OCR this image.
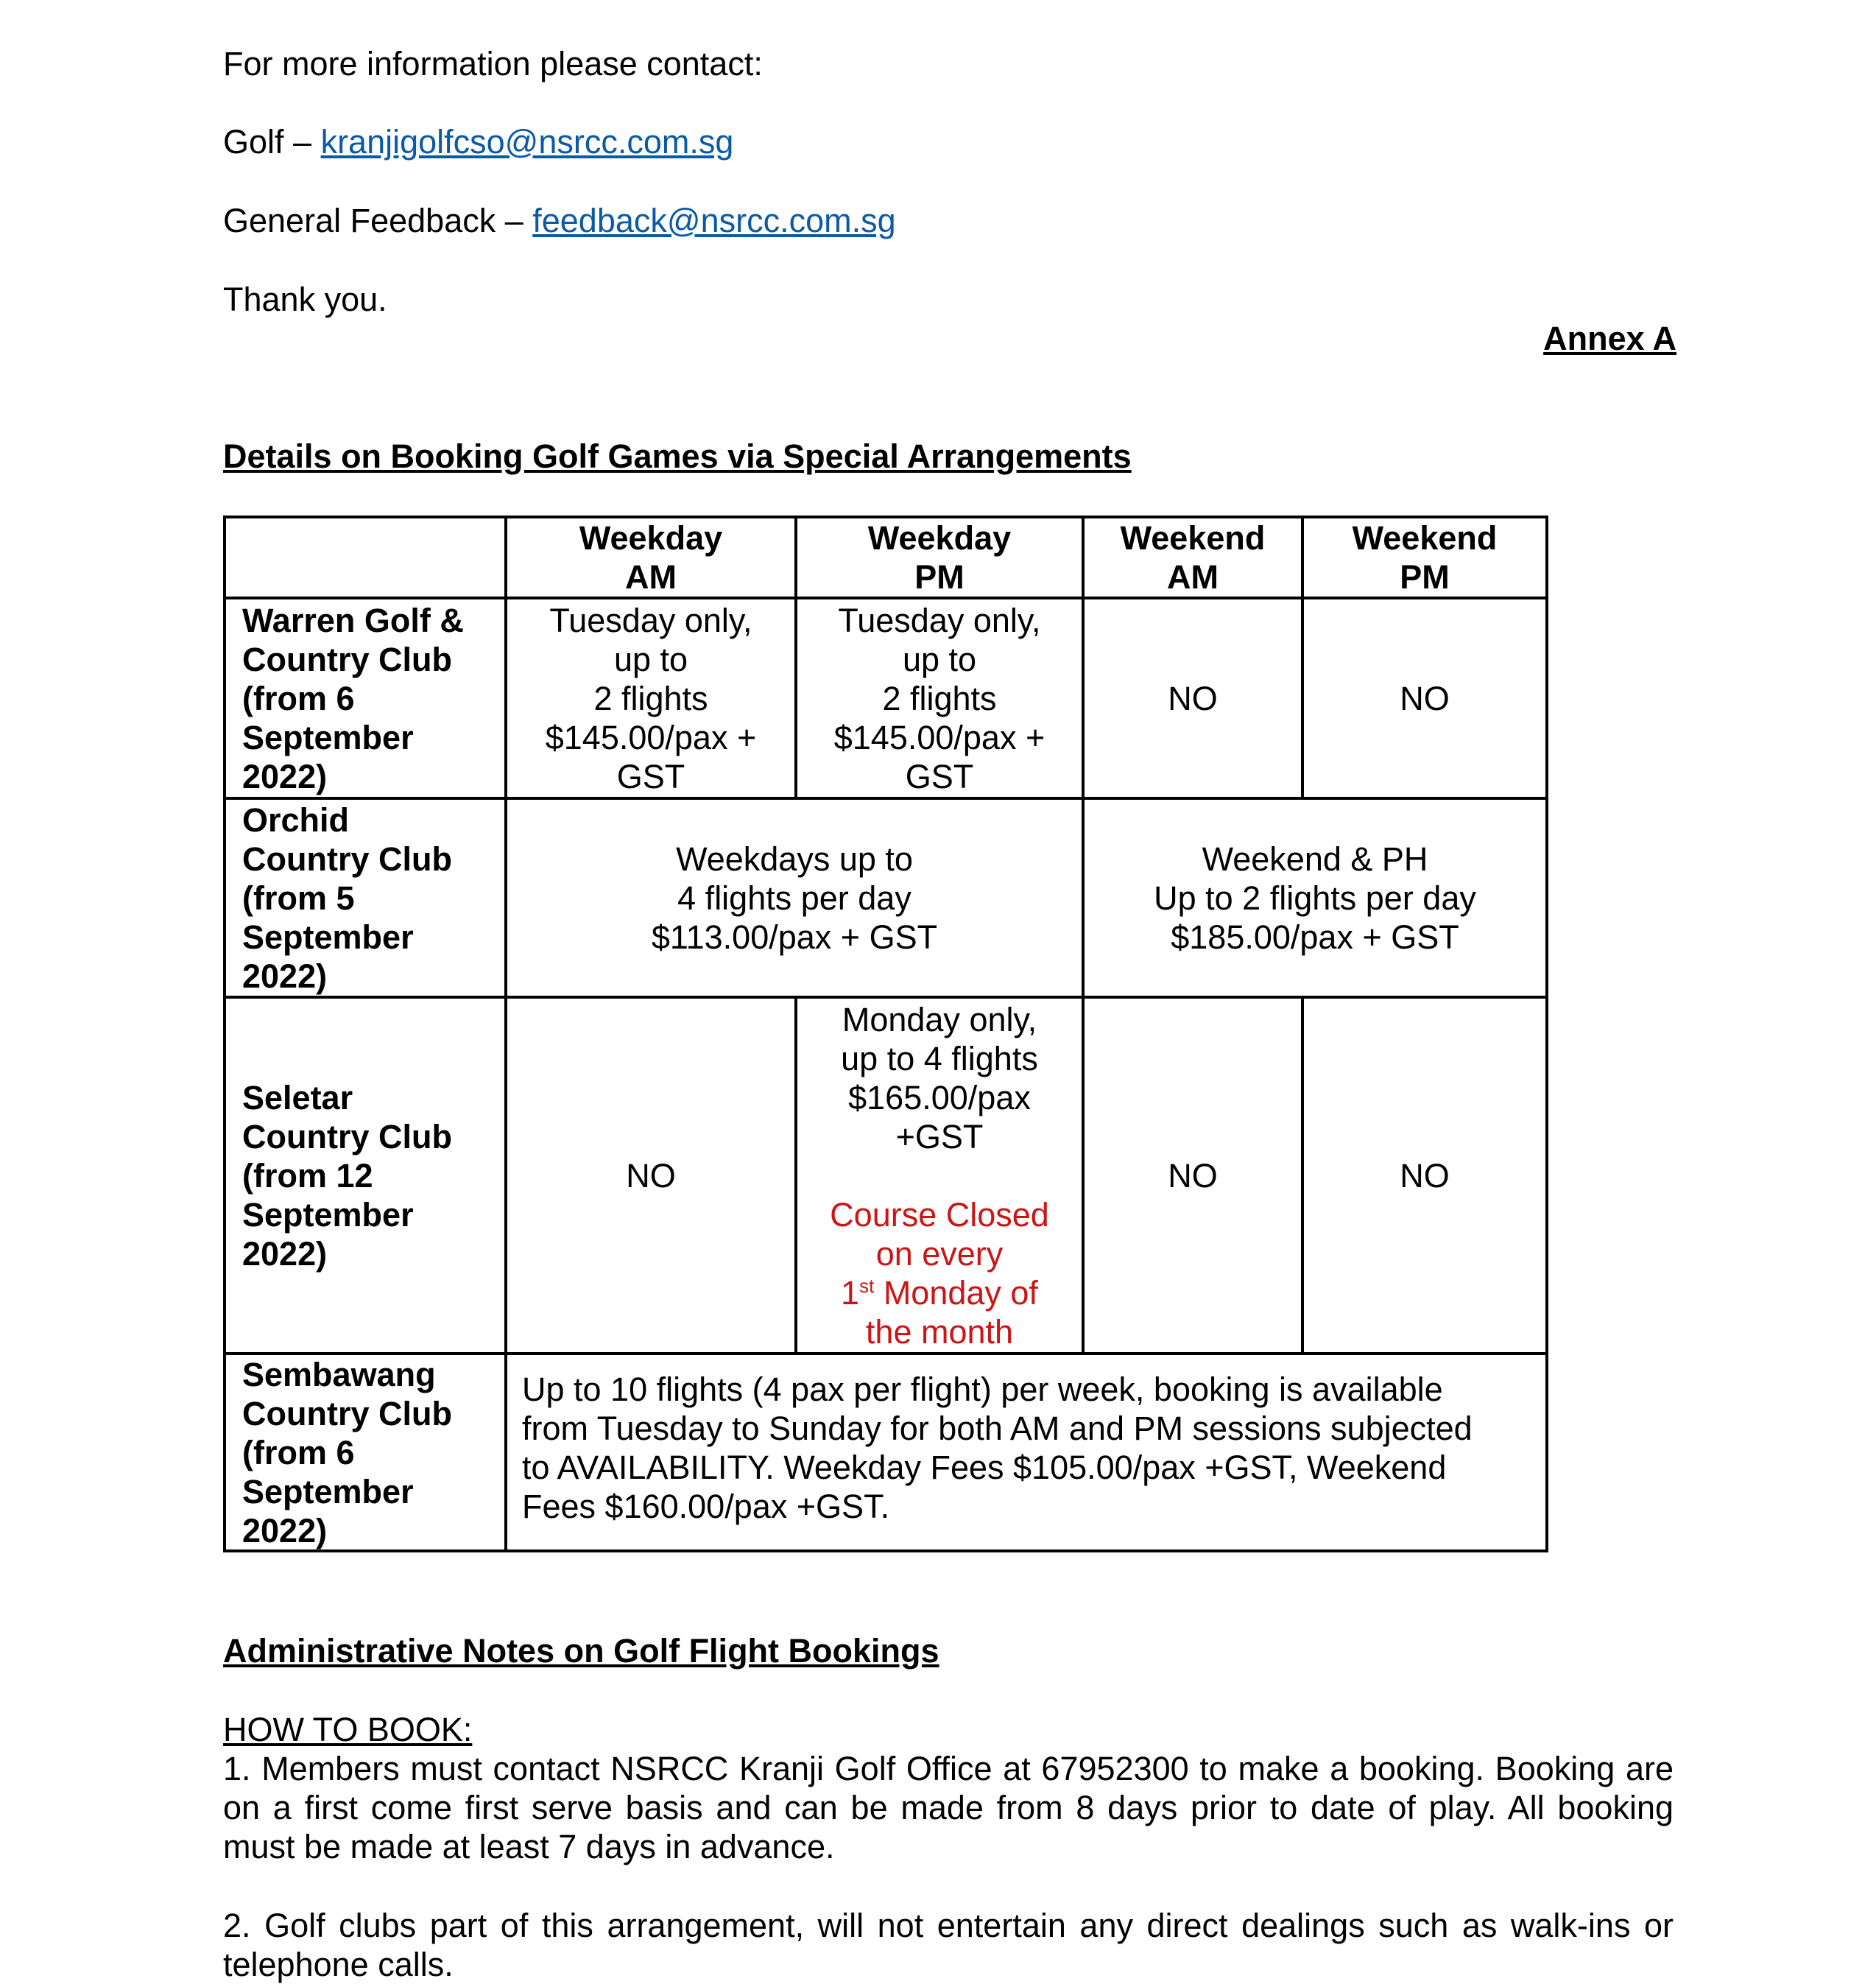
For more information please contact:
Golf – kranjigolfcso@nsrcc.com.sg
General Feedback – feedback@nsrcc.com.sg
Thank you.
Annex A
Details on Booking Golf Games via Special Arrangements
Weekday
AM
Weekday
PM
Weekend
AM
Weekend
PM
Warren Golf &
Country Club
(from 6
September
2022)
Tuesday only,
up to
2 flights
$145.00/pax +
GST
Tuesday only,
up to
2 flights
$145.00/pax +
GST
NO	NO
Orchid
Country Club
(from 5
September
2022)
Weekdays up to
4 flights per day
$113.00/pax + GST
Weekend & PH
Up to 2 flights per day
$185.00/pax + GST
Seletar
Country Club
(from 12
September
2022)
NO
Monday only,
up to 4 flights
$165.00/pax
+GST
Course Closed
on every
1st Monday of
the month
NO	NO
Sembawang
Country Club
(from 6
September
2022)
Up to 10 flights (4 pax per flight) per week, booking is available
from Tuesday to Sunday for both AM and PM sessions subjected
to AVAILABILITY. Weekday Fees $105.00/pax +GST, Weekend
Fees $160.00/pax +GST.
Administrative Notes on Golf Flight Bookings
HOW TO BOOK:
1. Members must contact NSRCC Kranji Golf Office at 67952300 to make a booking. Booking are on a first come first serve basis and can be made from 8 days prior to date of play. All booking must be made at least 7 days in advance.
2. Golf clubs part of this arrangement, will not entertain any direct dealings such as walk-ins or telephone calls.
